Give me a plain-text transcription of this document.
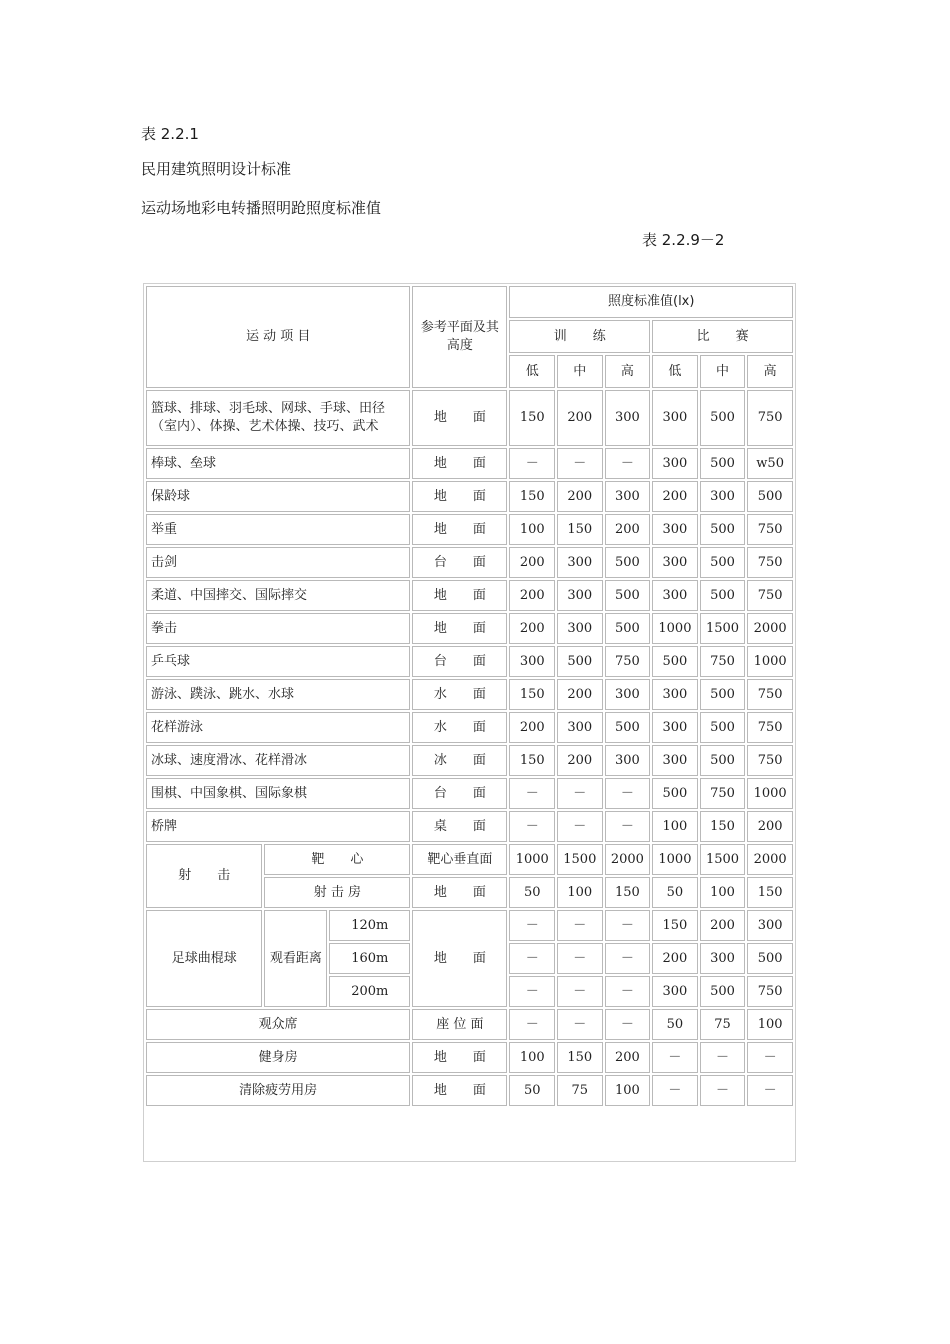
表 2.2.1
民用建筑照明设计标准
运动场地彩电转播照明跄照度标准值
表 2.2.9－2
运 动 项 目			参考平面及其高度	照度标准值(lx)					
				训　　练			比　　赛		
				低	中	高	低	中	高
篮球、排球、羽毛球、网球、手球、田径（室内）、体操、艺术体操、技巧、武术			地　　面	150	200	300	300	500	750
棒球、垒球			地　　面	－	－	－	300	500	w50
保龄球			地　　面	150	200	300	200	300	500
举重			地　　面	100	150	200	300	500	750
击剑			台　　面	200	300	500	300	500	750
柔道、中国摔交、国际摔交			地　　面	200	300	500	300	500	750
拳击			地　　面	200	300	500	1000	1500	2000
乒乓球			台　　面	300	500	750	500	750	1000
游泳、蹼泳、跳水、水球			水　　面	150	200	300	300	500	750
花样游泳			水　　面	200	300	500	300	500	750
冰球、速度滑冰、花样滑冰			冰　　面	150	200	300	300	500	750
围棋、中国象棋、国际象棋			台　　面	－	－	－	500	750	1000
桥牌			桌　　面	－	－	－	100	150	200
射　　击	靶　　心		靶心垂直面	1000	1500	2000	1000	1500	2000
	射 击 房		地　　面	50	100	150	50	100	150
足球曲棍球	观看距离	120m	地　　面	－	－	－	150	200	300
		160m		－	－	－	200	300	500
		200m		－	－	－	300	500	750
观众席			座 位 面	－	－	－	50	75	100
健身房			地　　面	100	150	200	－	－	－
清除疲劳用房			地　　面	50	75	100	－	－	－
